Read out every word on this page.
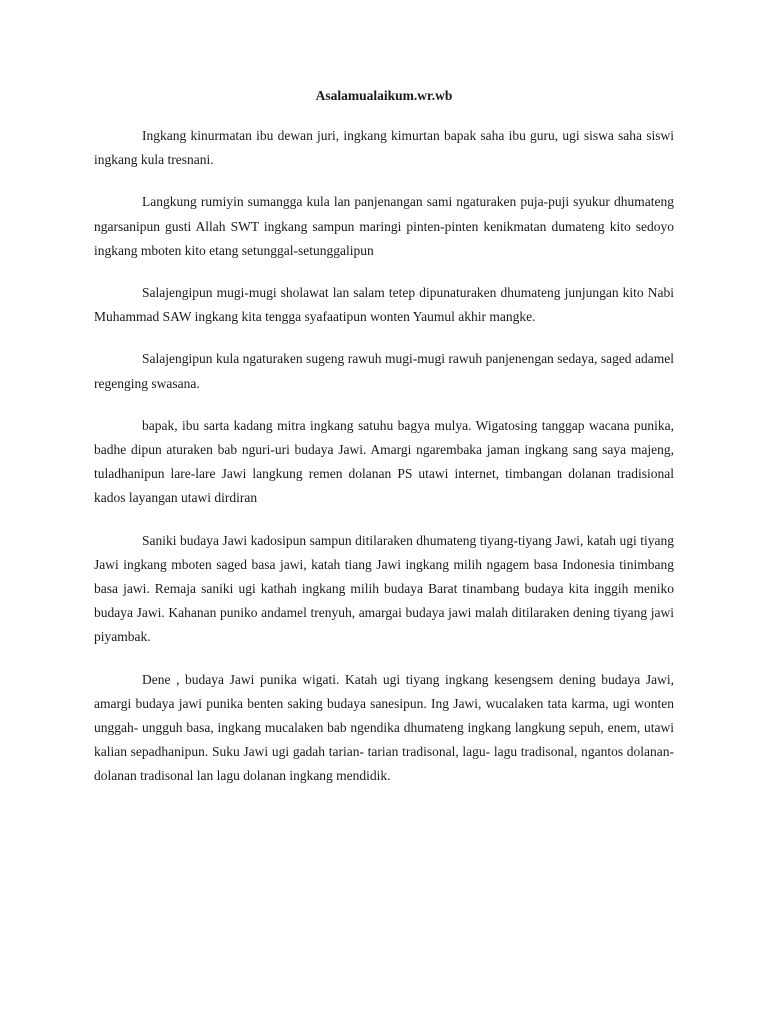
Asalamualaikum.wr.wb

Ingkang kinurmatan ibu dewan juri, ingkang kimurtan bapak saha ibu guru, ugi siswa saha siswi ingkang kula tresnani.

Langkung rumiyin sumangga kula lan panjenangan sami ngaturaken puja-puji syukur dhumateng ngarsanipun gusti Allah SWT ingkang sampun maringi pinten-pinten kenikmatan dumateng kito sedoyo ingkang mboten kito etang setunggal-setunggalipun

Salajengipun mugi-mugi sholawat lan salam tetep dipunaturaken dhumateng junjungan kito Nabi Muhammad SAW ingkang kita tengga syafaatipun wonten Yaumul akhir mangke.

Salajengipun kula ngaturaken sugeng rawuh mugi-mugi rawuh panjenengan sedaya, saged adamel regenging swasana.

bapak, ibu sarta kadang mitra ingkang satuhu bagya mulya. Wigatosing tanggap wacana punika, badhe dipun aturaken bab nguri-uri budaya Jawi. Amargi ngarembaka jaman ingkang sang saya majeng, tuladhanipun lare-lare Jawi langkung remen dolanan PS utawi internet, timbangan dolanan tradisional kados layangan utawi dirdiran

Saniki budaya Jawi kadosipun sampun ditilaraken dhumateng tiyang-tiyang Jawi, katah ugi tiyang Jawi ingkang mboten saged basa jawi, katah tiang Jawi ingkang milih ngagem basa Indonesia tinimbang basa jawi. Remaja saniki ugi kathah ingkang milih budaya Barat tinambang budaya kita inggih meniko budaya Jawi. Kahanan puniko andamel trenyuh, amargai budaya jawi malah ditilaraken dening tiyang jawi piyambak.

Dene , budaya Jawi punika wigati. Katah ugi tiyang ingkang kesengsem dening budaya Jawi, amargi budaya jawi punika benten saking budaya sanesipun. Ing Jawi, wucalaken tata karma, ugi wonten unggah- ungguh basa, ingkang mucalaken bab ngendika dhumateng ingkang langkung sepuh, enem, utawi kalian sepadhanipun. Suku Jawi ugi gadah tarian- tarian tradisonal, lagu- lagu tradisonal, ngantos dolanan- dolanan tradisonal lan lagu dolanan ingkang mendidik.
